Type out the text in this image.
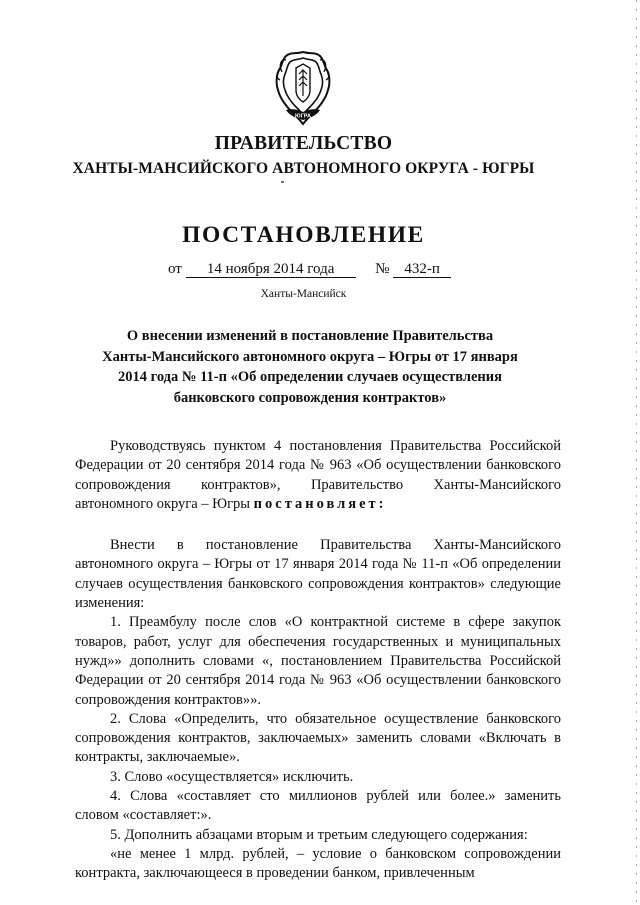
ЮГРА
ПРАВИТЕЛЬСТВО
ХАНТЫ-МАНСИЙСКОГО АВТОНОМНОГО ОКРУГА - ЮГРЫ
ПОСТАНОВЛЕНИЕ
от 14 ноября 2014 года	№ 432-п
Ханты-Мансийск
О внесении изменений в постановление Правительства
Ханты-Мансийского автономного округа – Югры от 17 января
2014 года № 11-п «Об определении случаев осуществления
банковского сопровождения контрактов»

Руководствуясь пунктом 4 постановления Правительства Российской Федерации от 20 сентября 2014 года № 963 «Об осуществлении банковского сопровождения контрактов», Правительство Ханты-Мансийского автономного округа – Югры постановляет:

Внести в постановление Правительства Ханты-Мансийского автономного округа – Югры от 17 января 2014 года № 11-п «Об определении случаев осуществления банковского сопровождения контрактов» следующие изменения:

1. Преамбулу после слов «О контрактной системе в сфере закупок товаров, работ, услуг для обеспечения государственных и муниципальных нужд»» дополнить словами «, постановлением Правительства Российской Федерации от 20 сентября 2014 года № 963 «Об осуществлении банковского сопровождения контрактов»».

2. Слова «Определить, что обязательное осуществление банковского сопровождения контрактов, заключаемых» заменить словами «Включать в контракты, заключаемые».

3. Слово «осуществляется» исключить.

4. Слова «составляет сто миллионов рублей или более.» заменить словом «составляет:».

5. Дополнить абзацами вторым и третьим следующего содержания:

«не менее 1 млрд. рублей, – условие о банковском сопровождении контракта, заключающееся в проведении банком, привлеченным
